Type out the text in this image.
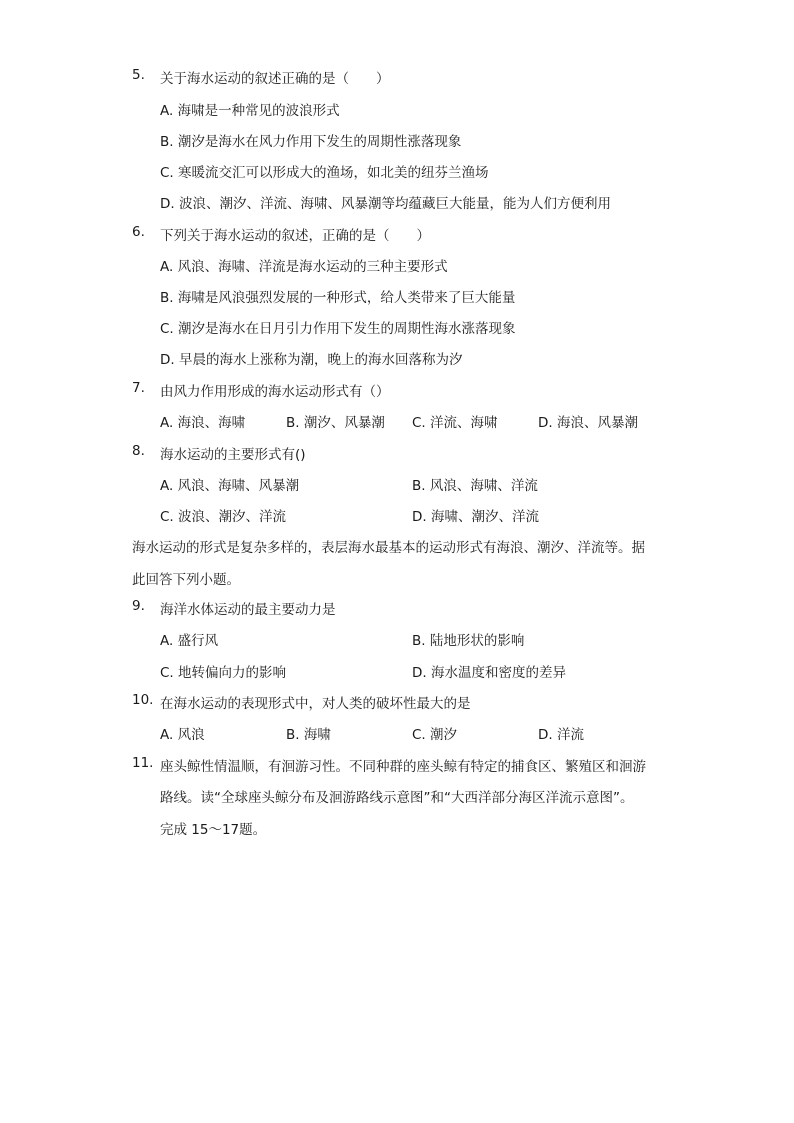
5.	关于海水运动的叙述正确的是（　　）
A. 海啸是一种常见的波浪形式
B. 潮汐是海水在风力作用下发生的周期性涨落现象
C. 寒暖流交汇可以形成大的渔场，如北美的纽芬兰渔场
D. 波浪、潮汐、洋流、海啸、风暴潮等均蕴藏巨大能量，能为人们方便利用
6.	下列关于海水运动的叙述，正确的是（　　）
A. 风浪、海啸、洋流是海水运动的三种主要形式
B. 海啸是风浪强烈发展的一种形式，给人类带来了巨大能量
C. 潮汐是海水在日月引力作用下发生的周期性海水涨落现象
D. 早晨的海水上涨称为潮，晚上的海水回落称为汐
7.	由风力作用形成的海水运动形式有（）
A. 海浪、海啸	B. 潮汐、风暴潮 C. 洋流、海啸	D. 海浪、风暴潮
8.	海水运动的主要形式有()
A. 风浪、海啸、风暴潮	B. 风浪、海啸、洋流
C. 波浪、潮汐、洋流	D. 海啸、潮汐、洋流
海水运动的形式是复杂多样的，表层海水最基本的运动形式有海浪、潮汐、洋流等。据
此回答下列小题。
9.	海洋水体运动的最主要动力是
A. 盛行风	B. 陆地形状的影响
C. 地转偏向力的影响	D. 海水温度和密度的差异
10. 在海水运动的表现形式中，对人类的破坏性最大的是
A. 风浪	B. 海啸	C. 潮汐	D. 洋流
11. 座头鲸性情温顺，有洄游习性。不同种群的座头鲸有特定的捕食区、繁殖区和洄游
路线。读“全球座头鲸分布及洄游路线示意图”和“大西洋部分海区洋流示意图”。
完成 15～17题。
